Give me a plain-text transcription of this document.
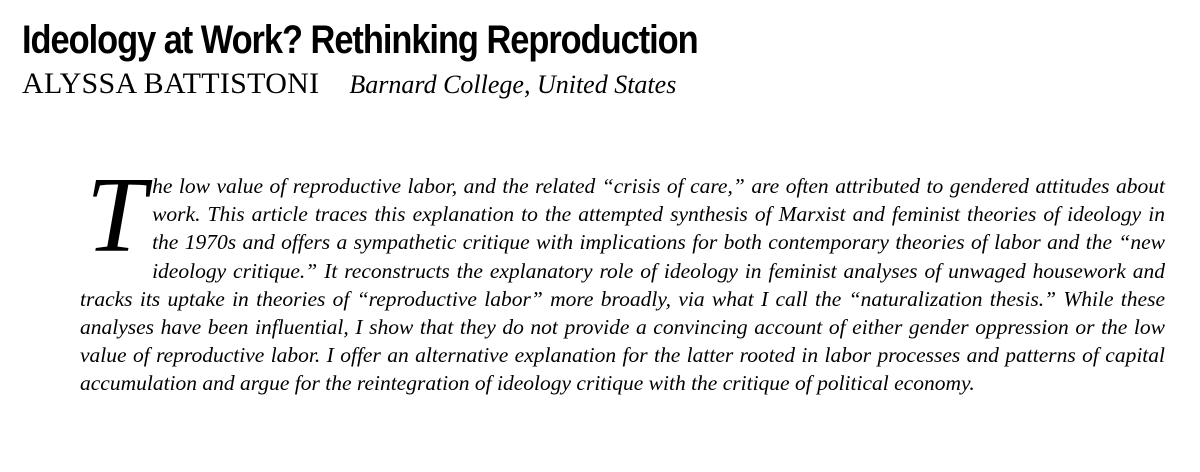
Ideology at Work? Rethinking Reproduction
ALYSSA BATTISTONI Barnard College, United States

T he low value of reproductive labor, and the related “crisis of care,” are often attributed to gendered attitudes about work. This article traces this explanation to the attempted synthesis of Marxist and feminist theories of ideology in the 1970s and offers a sympathetic critique with implications for both contemporary theories of labor and the “new ideology critique.” It reconstructs the explanatory role of ideology in feminist analyses of unwaged housework and tracks its uptake in theories of “reproductive labor” more broadly, via what I call the “naturalization thesis.” While these analyses have been influential, I show that they do not provide a convincing account of either gender oppression or the low value of reproductive labor. I offer an alternative explanation for the latter rooted in labor processes and patterns of capital accumulation and argue for the reintegration of ideology critique with the critique of political economy.
